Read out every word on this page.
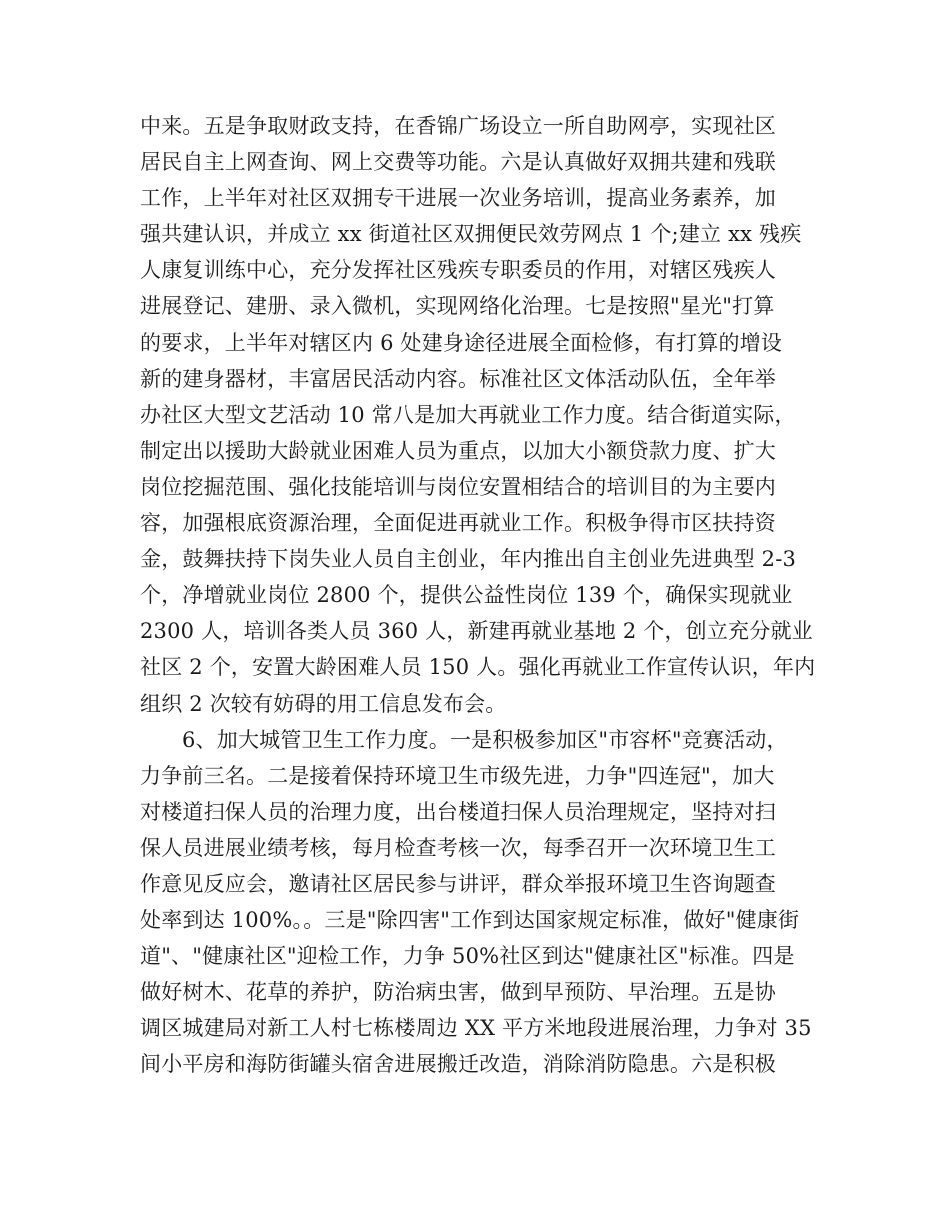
中来。五是争取财政支持，在香锦广场设立一所自助网亭，实现社区
居民自主上网查询、网上交费等功能。六是认真做好双拥共建和残联
工作，上半年对社区双拥专干进展一次业务培训，提高业务素养，加
强共建认识，并成立 xx 街道社区双拥便民效劳网点 1 个;建立 xx 残疾
人康复训练中心，充分发挥社区残疾专职委员的作用，对辖区残疾人
进展登记、建册、录入微机，实现网络化治理。七是按照"星光"打算
的要求，上半年对辖区内 6 处建身途径进展全面检修，有打算的增设
新的建身器材，丰富居民活动内容。标准社区文体活动队伍，全年举
办社区大型文艺活动 10 常八是加大再就业工作力度。结合街道实际，
制定出以援助大龄就业困难人员为重点，以加大小额贷款力度、扩大
岗位挖掘范围、强化技能培训与岗位安置相结合的培训目的为主要内
容，加强根底资源治理，全面促进再就业工作。积极争得市区扶持资
金，鼓舞扶持下岗失业人员自主创业，年内推出自主创业先进典型 2-3
个，净增就业岗位 2800 个，提供公益性岗位 139 个，确保实现就业
2300 人，培训各类人员 360 人，新建再就业基地 2 个，创立充分就业
社区 2 个，安置大龄困难人员 150 人。强化再就业工作宣传认识，年内
组织 2 次较有妨碍的用工信息发布会。
6、加大城管卫生工作力度。一是积极参加区"市容杯"竞赛活动，
力争前三名。二是接着保持环境卫生市级先进，力争"四连冠"，加大
对楼道扫保人员的治理力度，出台楼道扫保人员治理规定，坚持对扫
保人员进展业绩考核，每月检查考核一次，每季召开一次环境卫生工
作意见反应会，邀请社区居民参与讲评，群众举报环境卫生咨询题查
处率到达 100%。。三是"除四害"工作到达国家规定标准，做好"健康街
道"、"健康社区"迎检工作，力争 50%社区到达"健康社区"标准。四是
做好树木、花草的养护，防治病虫害，做到早预防、早治理。五是协
调区城建局对新工人村七栋楼周边 XX 平方米地段进展治理，力争对 35
间小平房和海防街罐头宿舍进展搬迁改造，消除消防隐患。六是积极
